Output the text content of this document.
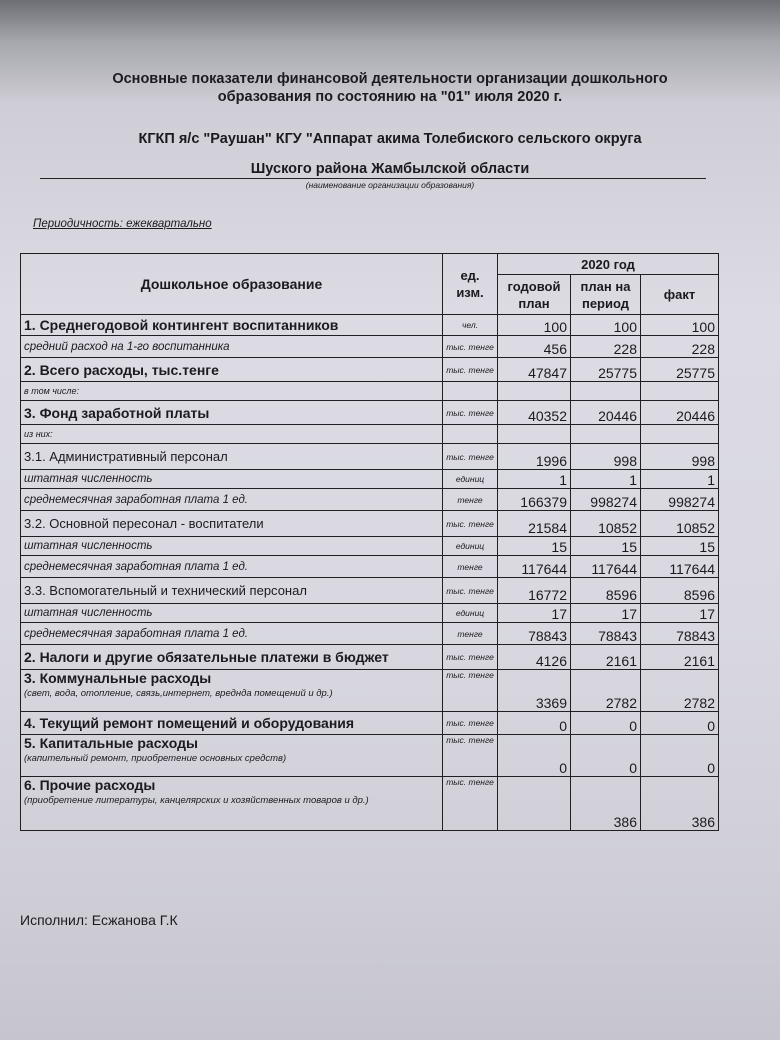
Основные показатели финансовой деятельности организации дошкольного
образования по состоянию на "01" июля 2020 г.
КГКП я/с "Раушан" КГУ "Аппарат акима Толебиского сельского округа
Шуского района Жамбылской области
(наименование организации образования)
Периодичность: ежеквартально
Дошкольное образование	ед. изм.	2020 год		
		годовой план	план на период	факт
1. Среднегодовой контингент воспитанников	чел.	100	100	100
средний расход на 1-го воспитанника	тыс. тенге	456	228	228
2. Всего расходы, тыс.тенге	тыс. тенге	47847	25775	25775
в том числе:				
3. Фонд заработной платы	тыс. тенге	40352	20446	20446
из них:				
3.1. Административный персонал	тыс. тенге	1996	998	998
штатная численность	единиц	1	1	1
среднемесячная заработная плата 1 ед.	тенге	166379	998274	998274
3.2. Основной пересонал - воспитатели	тыс. тенге	21584	10852	10852
штатная численность	единиц	15	15	15
среднемесячная заработная плата 1 ед.	тенге	117644	117644	117644
3.3. Вспомогательный и технический персонал	тыс. тенге	16772	8596	8596
штатная численность	единиц	17	17	17
среднемесячная заработная плата 1 ед.	тенге	78843	78843	78843
2. Налоги и другие обязательные платежи в бюджет	тыс. тенге	4126	2161	2161
3. Коммунальные расходы
(свет, вода, отопление, связь,интернет, вреднда помещений и др.)	тыс. тенге	3369	2782	2782
4. Текущий ремонт помещений и оборудования	тыс. тенге	0	0	0
5. Капитальные расходы
(капительный ремонт, приобретение основных средств)	тыс. тенге	0	0	0
6. Прочие расходы
(приобретение литературы, канцелярских и хозяйственных товаров и др.)	тыс. тенге		386	386
Исполнил: Есжанова Г.К
